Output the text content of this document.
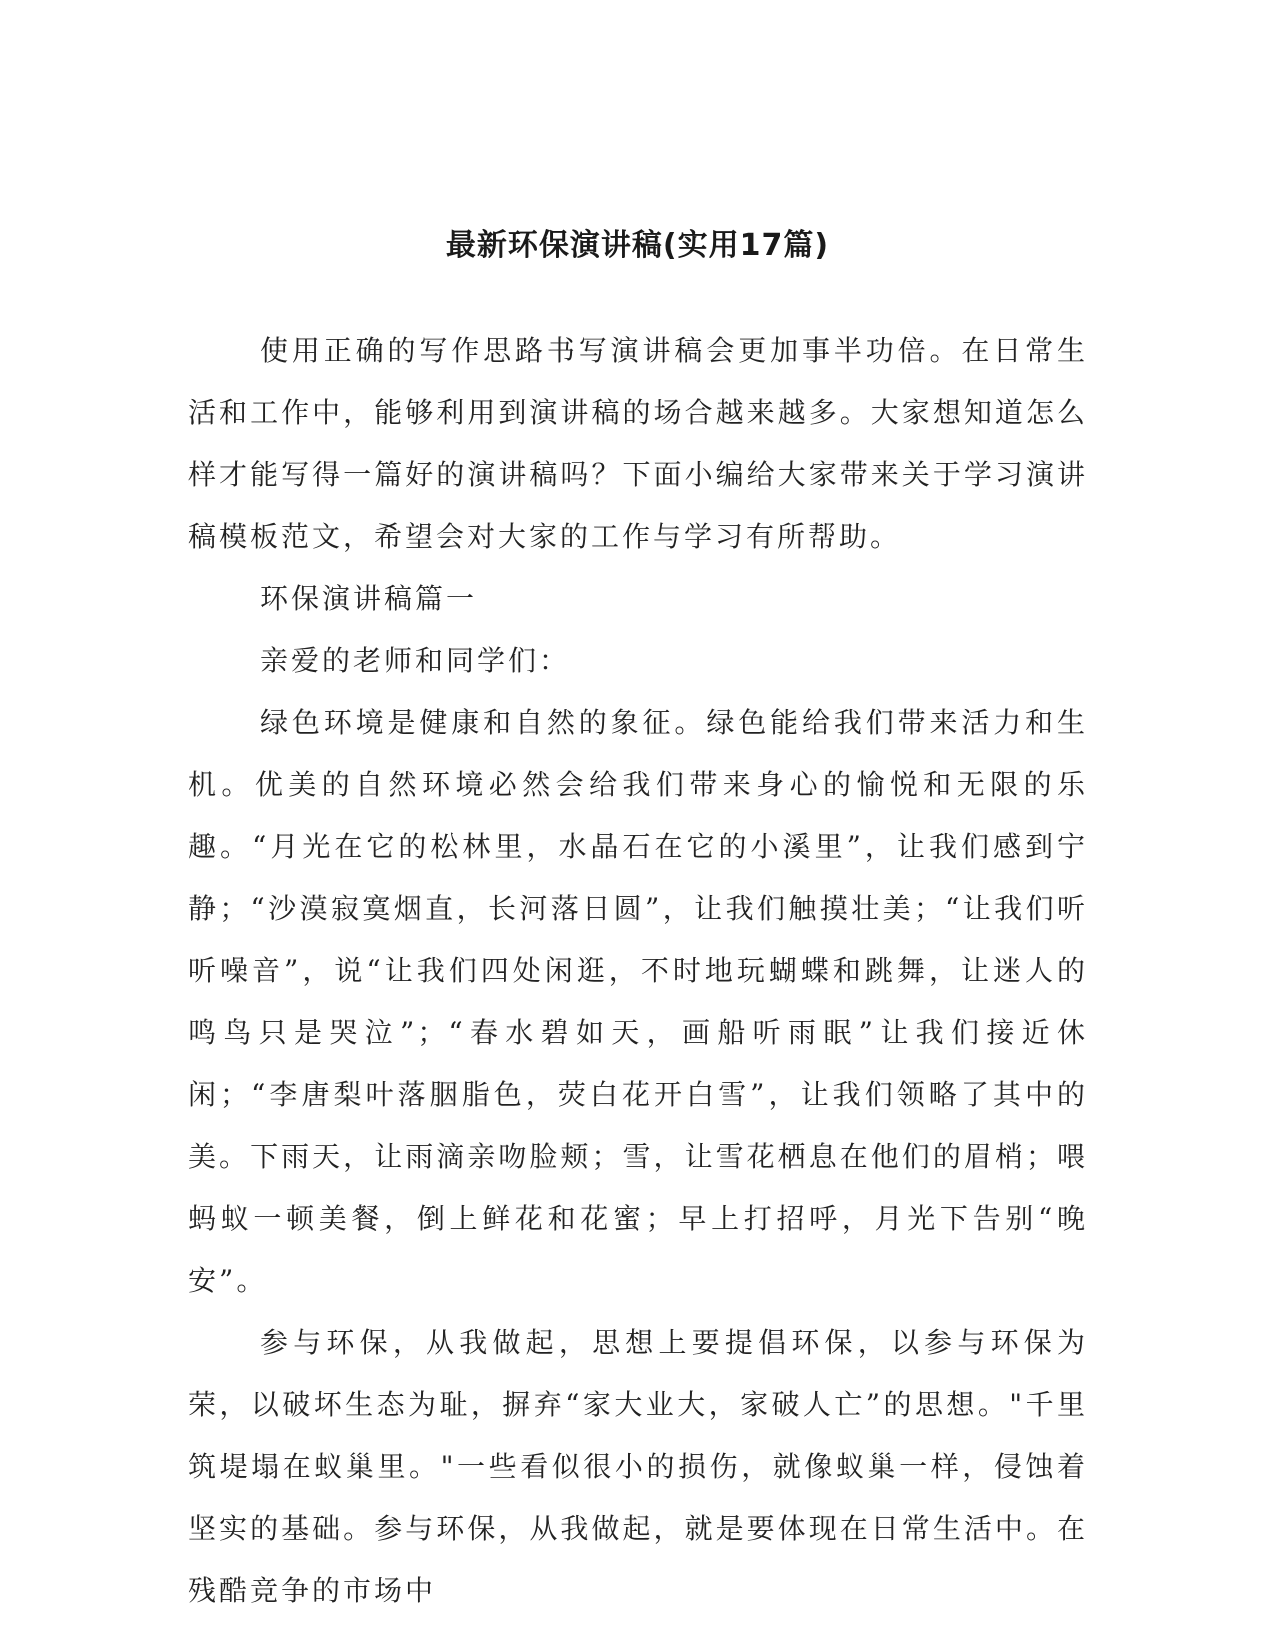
最新环保演讲稿(实用17篇)

使用正确的写作思路书写演讲稿会更加事半功倍。在日常生活和工作中，能够利用到演讲稿的场合越来越多。大家想知道怎么样才能写得一篇好的演讲稿吗？下面小编给大家带来关于学习演讲稿模板范文，希望会对大家的工作与学习有所帮助。

环保演讲稿篇一

亲爱的老师和同学们：

绿色环境是健康和自然的象征。绿色能给我们带来活力和生机。优美的自然环境必然会给我们带来身心的愉悦和无限的乐趣。“月光在它的松林里，水晶石在它的小溪里”，让我们感到宁静；“沙漠寂寞烟直，长河落日圆”，让我们触摸壮美；“让我们听听噪音”，说“让我们四处闲逛，不时地玩蝴蝶和跳舞，让迷人的鸣鸟只是哭泣”；“春水碧如天，画船听雨眠”让我们接近休闲；“李唐梨叶落胭脂色，荧白花开白雪”，让我们领略了其中的美。下雨天，让雨滴亲吻脸颊；雪，让雪花栖息在他们的眉梢；喂蚂蚁一顿美餐，倒上鲜花和花蜜；早上打招呼，月光下告别“晚安”。

参与环保，从我做起，思想上要提倡环保，以参与环保为荣，以破坏生态为耻，摒弃“家大业大，家破人亡”的思想。"千里筑堤塌在蚁巢里。"一些看似很小的损伤，就像蚁巢一样，侵蚀着坚实的基础。参与环保，从我做起，就是要体现在日常生活中。在残酷竞争的市场中
